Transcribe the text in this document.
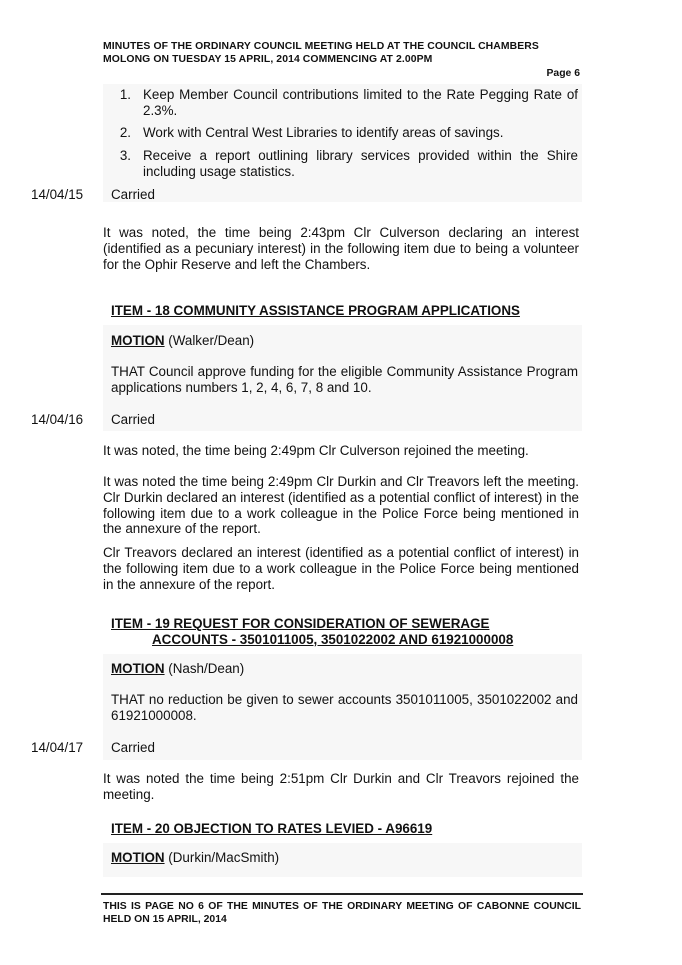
MINUTES OF THE ORDINARY COUNCIL MEETING HELD AT THE COUNCIL CHAMBERS MOLONG ON TUESDAY 15 APRIL, 2014 COMMENCING AT 2.00PM
Page 6
1. Keep Member Council contributions limited to the Rate Pegging Rate of 2.3%.
2. Work with Central West Libraries to identify areas of savings.
3. Receive a report outlining library services provided within the Shire including usage statistics.
14/04/15 Carried
It was noted, the time being 2:43pm Clr Culverson declaring an interest (identified as a pecuniary interest) in the following item due to being a volunteer for the Ophir Reserve and left the Chambers.
ITEM - 18 COMMUNITY ASSISTANCE PROGRAM APPLICATIONS
MOTION (Walker/Dean)
THAT Council approve funding for the eligible Community Assistance Program applications numbers 1, 2, 4, 6, 7, 8 and 10.
14/04/16 Carried
It was noted, the time being 2:49pm Clr Culverson rejoined the meeting.
It was noted the time being 2:49pm Clr Durkin and Clr Treavors left the meeting. Clr Durkin declared an interest (identified as a potential conflict of interest) in the following item due to a work colleague in the Police Force being mentioned in the annexure of the report.
Clr Treavors declared an interest (identified as a potential conflict of interest) in the following item due to a work colleague in the Police Force being mentioned in the annexure of the report.
ITEM - 19 REQUEST FOR CONSIDERATION OF SEWERAGE
ACCOUNTS - 3501011005, 3501022002 AND 61921000008
MOTION (Nash/Dean)
THAT no reduction be given to sewer accounts 3501011005, 3501022002 and 61921000008.
14/04/17 Carried
It was noted the time being 2:51pm Clr Durkin and Clr Treavors rejoined the meeting.
ITEM - 20 OBJECTION TO RATES LEVIED - A96619
MOTION (Durkin/MacSmith)
THIS IS PAGE NO 6 OF THE MINUTES OF THE ORDINARY MEETING OF CABONNE COUNCIL HELD ON 15 APRIL, 2014
